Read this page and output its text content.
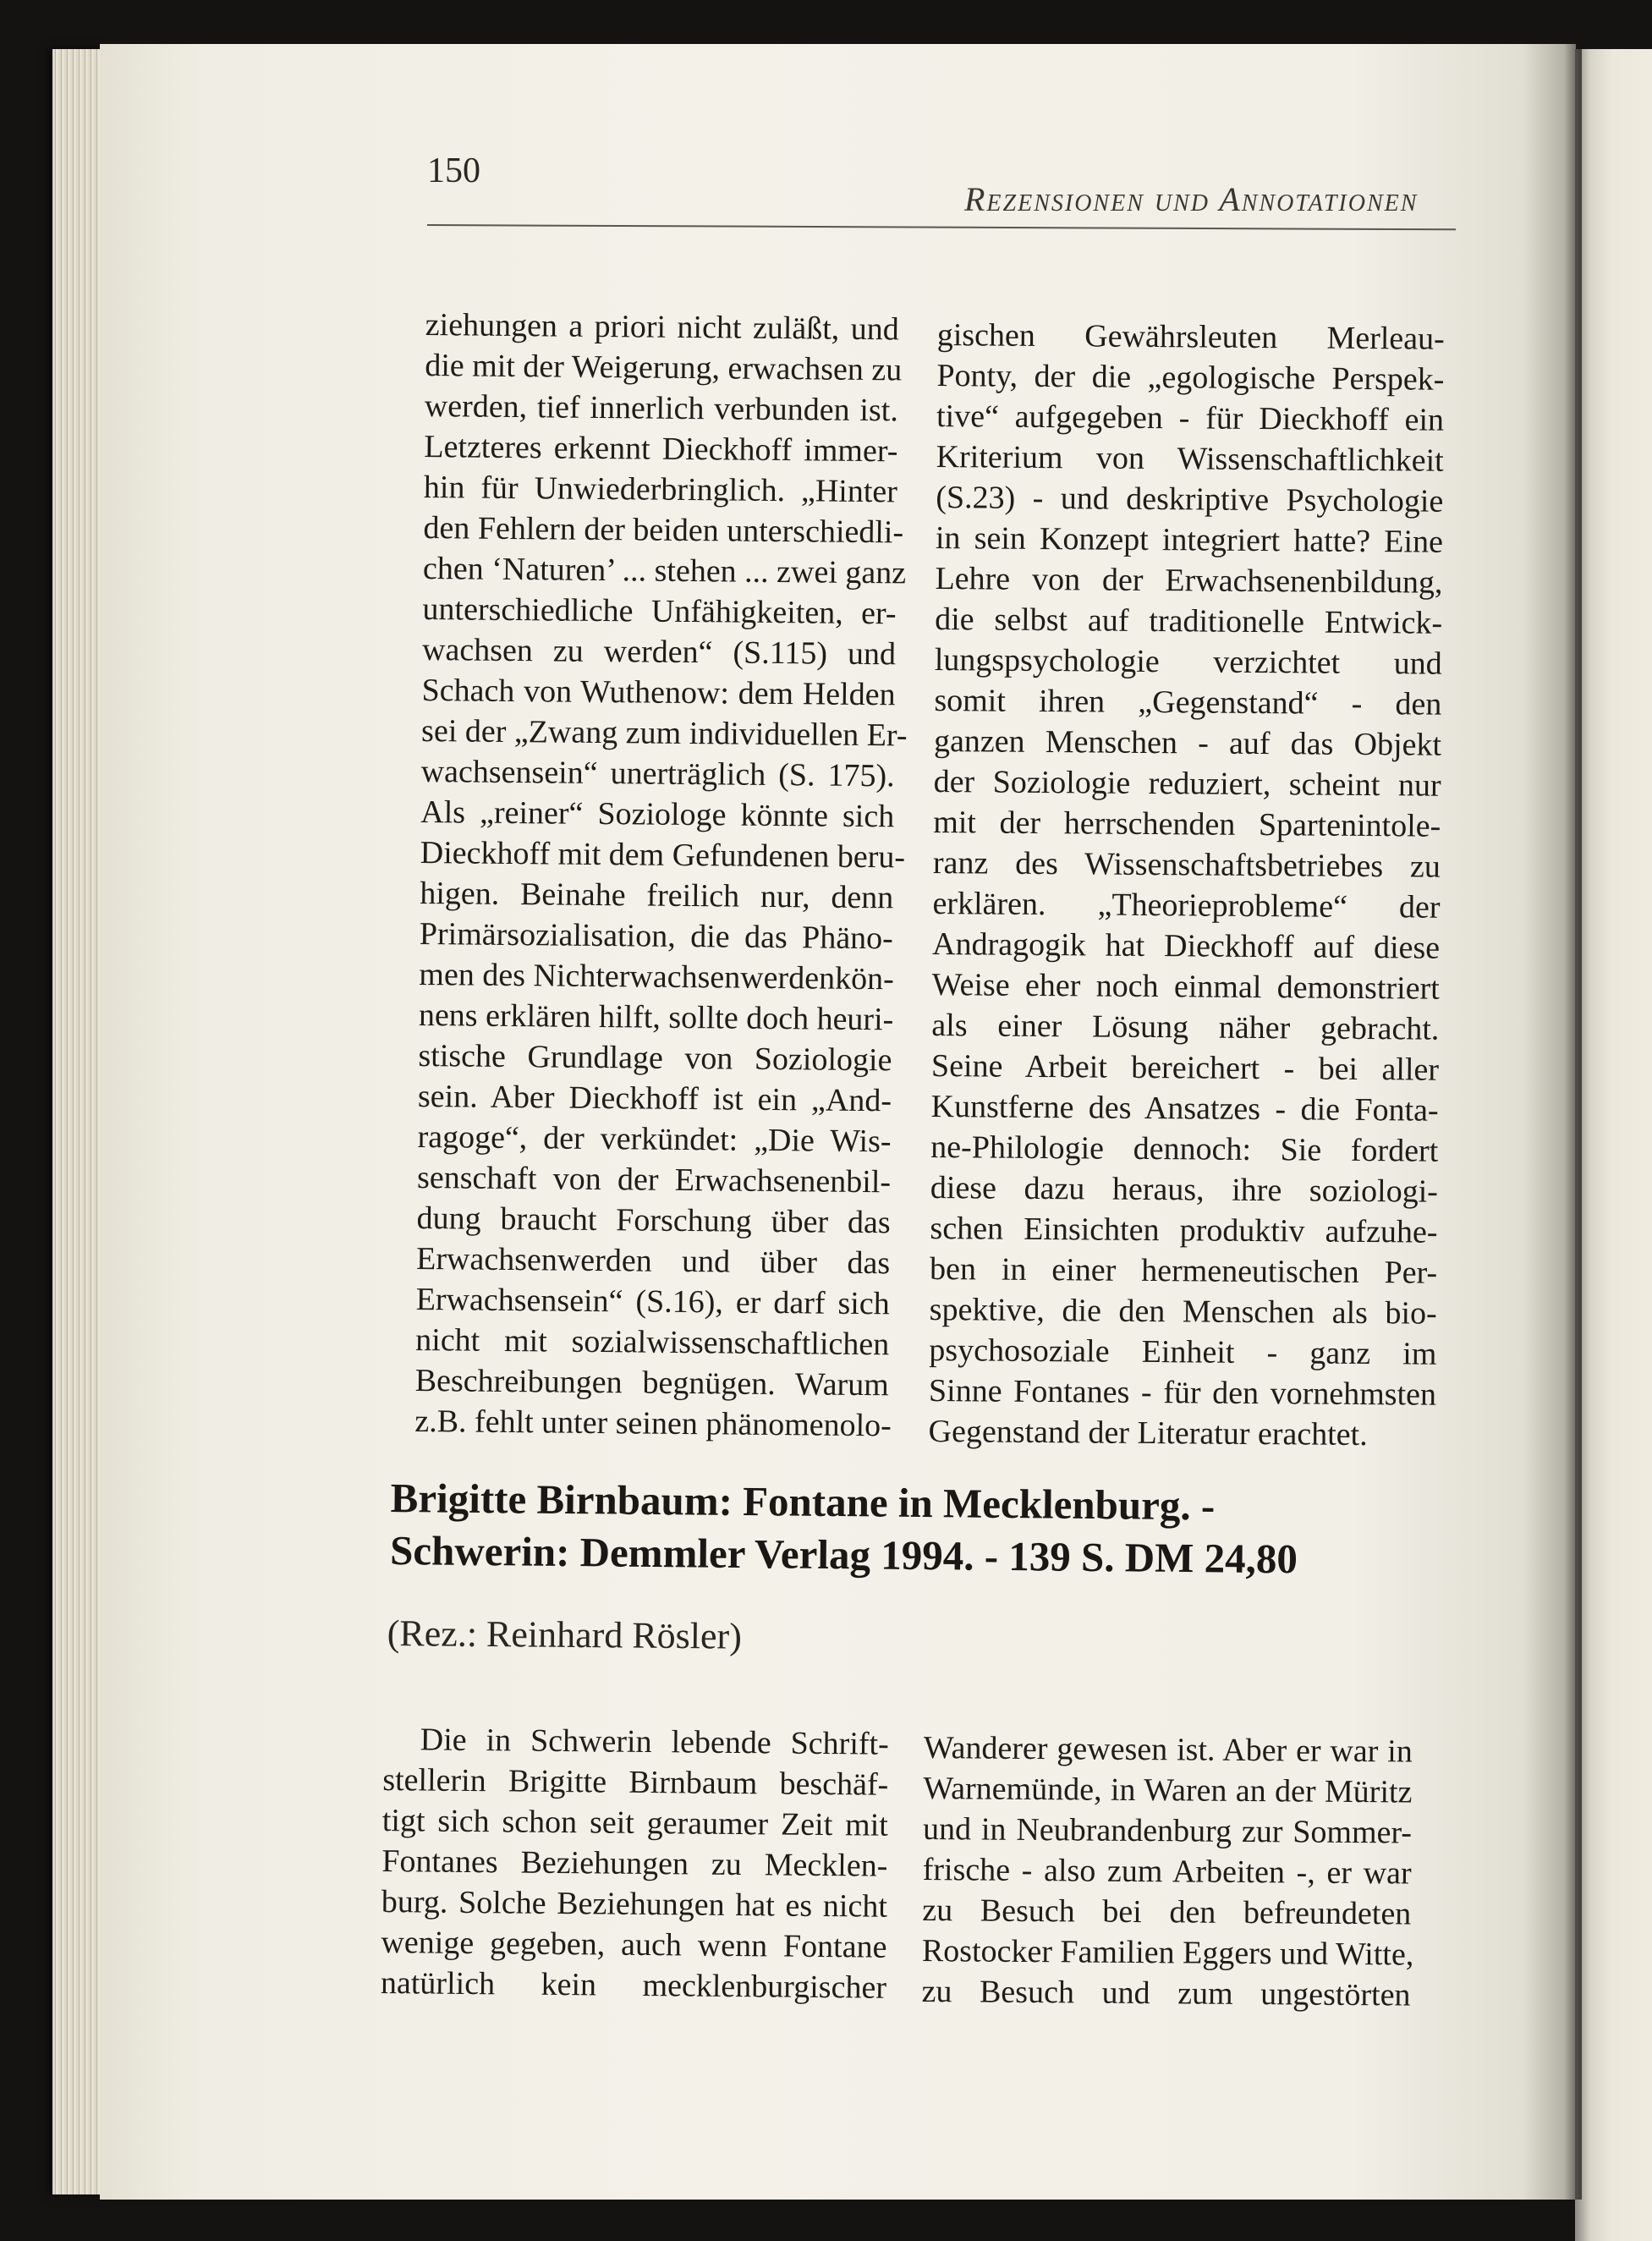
150
Rezensionen und Annotationen
ziehungen a priori nicht zuläßt, und
die mit der Weigerung, erwachsen zu
werden, tief innerlich verbunden ist.
Letzteres erkennt Dieckhoff immer-
hin für Unwiederbringlich. „Hinter
den Fehlern der beiden unterschiedli-
chen ‘Naturen’ ... stehen ... zwei ganz
unterschiedliche Unfähigkeiten, er-
wachsen zu werden“ (S.115) und
Schach von Wuthenow: dem Helden
sei der „Zwang zum individuellen Er-
wachsensein“ unerträglich (S. 175).
Als „reiner“ Soziologe könnte sich
Dieckhoff mit dem Gefundenen beru-
higen. Beinahe freilich nur, denn
Primärsozialisation, die das Phäno-
men des Nichterwachsenwerdenkön-
nens erklären hilft, sollte doch heuri-
stische Grundlage von Soziologie
sein. Aber Dieckhoff ist ein „And-
ragoge“, der verkündet: „Die Wis-
senschaft von der Erwachsenenbil-
dung braucht Forschung über das
Erwachsenwerden und über das
Erwachsensein“ (S.16), er darf sich
nicht mit sozialwissenschaftlichen
Beschreibungen begnügen. Warum
z.B. fehlt unter seinen phänomenolo-
gischen Gewährsleuten Merleau-
Ponty, der die „egologische Perspek-
tive“ aufgegeben - für Dieckhoff ein
Kriterium von Wissenschaftlichkeit
(S.23) - und deskriptive Psychologie
in sein Konzept integriert hatte? Eine
Lehre von der Erwachsenenbildung,
die selbst auf traditionelle Entwick-
lungspsychologie verzichtet und
somit ihren „Gegenstand“ - den
ganzen Menschen - auf das Objekt
der Soziologie reduziert, scheint nur
mit der herrschenden Spartenintole-
ranz des Wissenschaftsbetriebes zu
erklären. „Theorieprobleme“ der
Andragogik hat Dieckhoff auf diese
Weise eher noch einmal demonstriert
als einer Lösung näher gebracht.
Seine Arbeit bereichert - bei aller
Kunstferne des Ansatzes - die Fonta-
ne-Philologie dennoch: Sie fordert
diese dazu heraus, ihre soziologi-
schen Einsichten produktiv aufzuhe-
ben in einer hermeneutischen Per-
spektive, die den Menschen als bio-
psychosoziale Einheit - ganz im
Sinne Fontanes - für den vornehmsten
Gegenstand der Literatur erachtet.
Brigitte Birnbaum: Fontane in Mecklenburg. -
Schwerin: Demmler Verlag 1994. - 139 S. DM 24,80
(Rez.: Reinhard Rösler)
Die in Schwerin lebende Schrift-
stellerin Brigitte Birnbaum beschäf-
tigt sich schon seit geraumer Zeit mit
Fontanes Beziehungen zu Mecklen-
burg. Solche Beziehungen hat es nicht
wenige gegeben, auch wenn Fontane
natürlich kein mecklenburgischer
Wanderer gewesen ist. Aber er war in
Warnemünde, in Waren an der Müritz
und in Neubrandenburg zur Sommer-
frische - also zum Arbeiten -, er war
zu Besuch bei den befreundeten
Rostocker Familien Eggers und Witte,
zu Besuch und zum ungestörten
